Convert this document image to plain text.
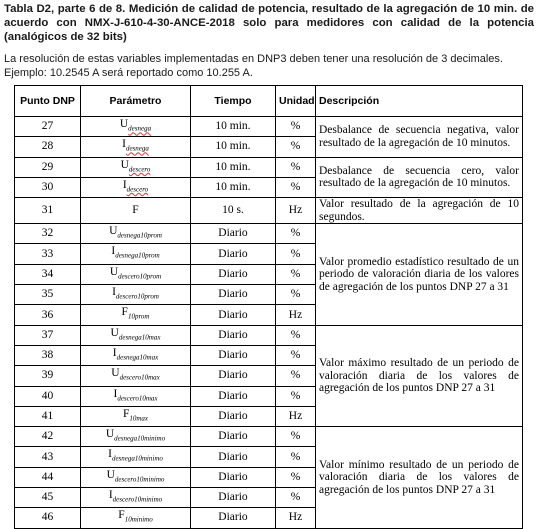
Tabla D2, parte 6 de 8. Medición de calidad de potencia, resultado de la agregación de 10 min. de acuerdo con NMX-J-610-4-30-ANCE-2018 solo para medidores con calidad de la potencia (analógicos de 32 bits)
La resolución de estas variables implementadas en DNP3 deben tener una resolución de 3 decimales. Ejemplo: 10.2545 A será reportado como 10.255 A.
Punto DNP	Parámetro	Tiempo	Unidad	Descripción
27	$U_{desnega}$	10 min.	%	Desbalance de secuencia negativa, valor resultado de la agregación de 10 minutos.
28	$I_{desnega}$	10 min.	%	
29	$U_{descero}$	10 min.	%	Desbalance de secuencia cero, valor resultado de la agregación de 10 minutos.
30	$I_{descero}$	10 min.	%	
31	F	10 s.	Hz	Valor resultado de la agregación de 10 segundos.
32	$U_{desnega10prom}$	Diario	%	Valor promedio estadístico resultado de un periodo de valoración diaria de los valores de agregación de los puntos DNP 27 a 31
33	$I_{desnega10prom}$	Diario	%	
34	$U_{descero10prom}$	Diario	%	
35	$I_{descero10prom}$	Diario	%	
36	$F_{10prom}$	Diario	Hz	
37	$U_{desnega10max}$	Diario	%	Valor máximo resultado de un periodo de valoración diaria de los valores de agregación de los puntos DNP 27 a 31
38	$I_{desnega10max}$	Diario	%	
39	$U_{descero10max}$	Diario	%	
40	$I_{descero10max}$	Diario	%	
41	$F_{10max}$	Diario	Hz	
42	$U_{desnega10minimo}$	Diario	%	Valor mínimo resultado de un periodo de valoración diaria de los valores de agregación de los puntos DNP 27 a 31
43	$I_{desnega10minimo}$	Diario	%	
44	$U_{descero10minimo}$	Diario	%	
45	$I_{descero10minimo}$	Diario	%	
46	$F_{10minimo}$	Diario	Hz	
